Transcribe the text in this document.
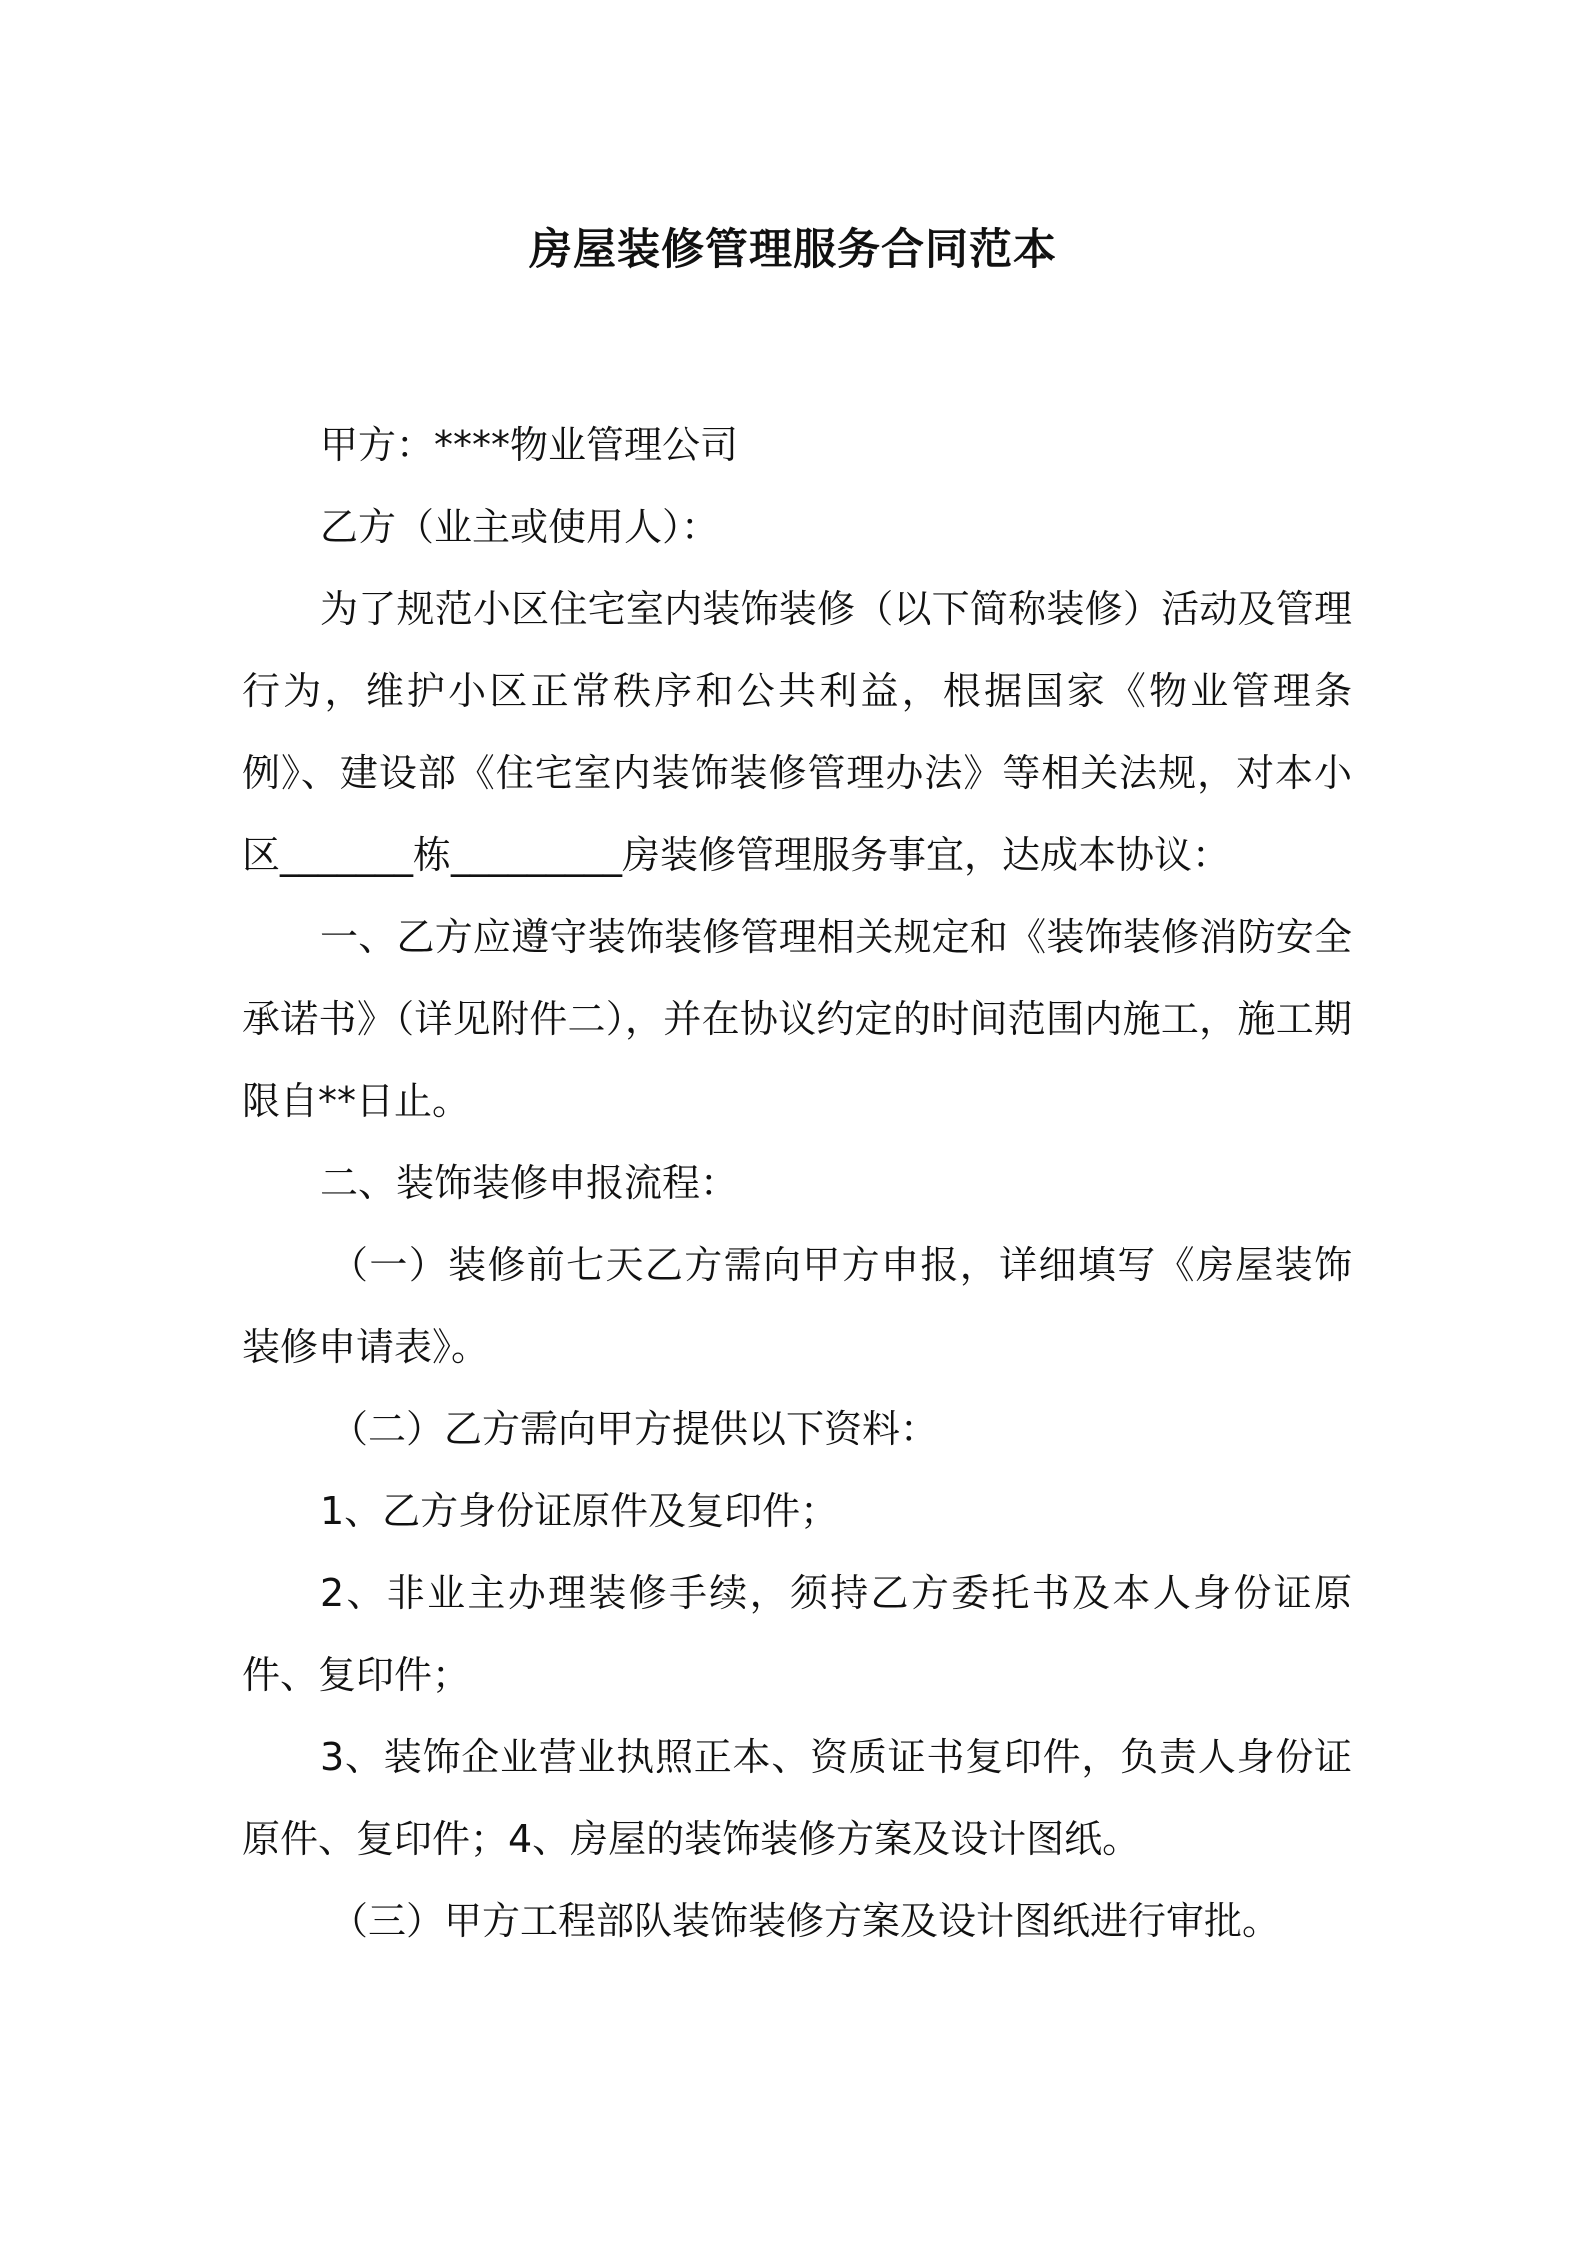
房屋装修管理服务合同范本

甲方：****物业管理公司

乙方（业主或使用人）：

为了规范小区住宅室内装饰装修（以下简称装修）活动及管理行为，维护小区正常秩序和公共利益，根据国家《物业管理条例》、建设部《住宅室内装饰装修管理办法》等相关法规，对本小区_______栋_________房装修管理服务事宜，达成本协议：

一、乙方应遵守装饰装修管理相关规定和《装饰装修消防安全承诺书》（详见附件二），并在协议约定的时间范围内施工，施工期限自**日止。

二、装饰装修申报流程：

（一）装修前七天乙方需向甲方申报，详细填写《房屋装饰装修申请表》。

（二）乙方需向甲方提供以下资料：

1、乙方身份证原件及复印件；

2、非业主办理装修手续，须持乙方委托书及本人身份证原件、复印件；

3、装饰企业营业执照正本、资质证书复印件，负责人身份证原件、复印件；4、房屋的装饰装修方案及设计图纸。

（三）甲方工程部队装饰装修方案及设计图纸进行审批。
